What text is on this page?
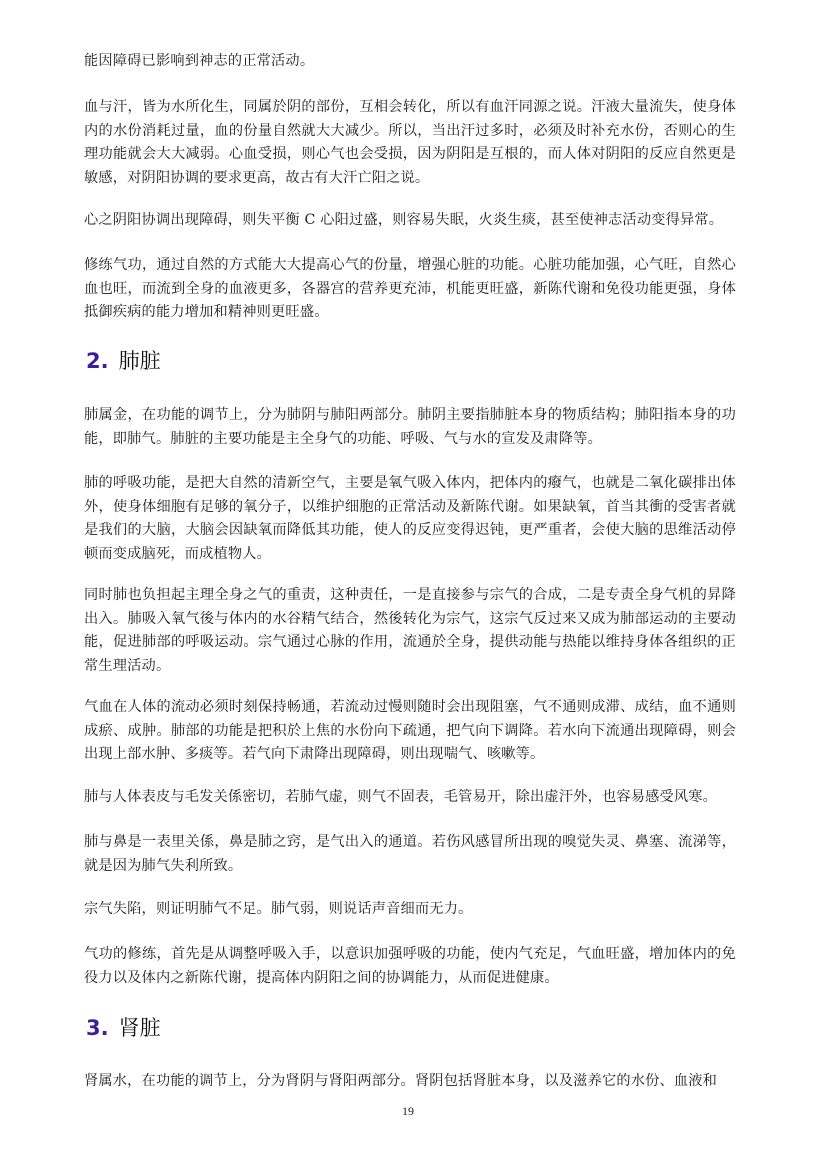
能因障碍已影响到神志的正常活动。
血与汗，皆为水所化生，同属於阴的部份，互相会转化，所以有血汗同源之说。汗液大量流失，使身体内的水份消耗过量，血的份量自然就大大减少。所以，当出汗过多时，必须及时补充水份，否则心的生理功能就会大大减弱。心血受损，则心气也会受损，因为阴阳是互根的，而人体对阴阳的反应自然更是敏感，对阴阳协调的要求更高，故古有大汗亡阳之说。
心之阴阳协调出现障碍，则失平衡 C 心阳过盛，则容易失眠，火炎生痰，甚至使神志活动变得异常。
修练气功，通过自然的方式能大大提高心气的份量，增强心脏的功能。心脏功能加强，心气旺，自然心血也旺，而流到全身的血液更多，各器宫的营养更充沛，机能更旺盛，新陈代谢和免役功能更强，身体抵御疾病的能力增加和精神则更旺盛。
2. 肺脏
肺属金，在功能的调节上，分为肺阴与肺阳两部分。肺阴主要指肺脏本身的物质结构；肺阳指本身的功能，即肺气。肺脏的主要功能是主全身气的功能、呼吸、气与水的宣发及肃降等。
肺的呼吸功能，是把大自然的清新空气，主要是氧气吸入体内，把体内的癈气，也就是二氧化碳排出体外，使身体细胞有足够的氧分子，以维护细胞的正常活动及新陈代谢。如果缺氧，首当其衝的受害者就是我们的大脑，大脑会因缺氧而降低其功能，使人的反应变得迟钝，更严重者，会使大脑的思维活动停顿而变成脑死，而成植物人。
同时肺也负担起主理全身之气的重责，这种责任，一是直接参与宗气的合成，二是专责全身气机的昇降出入。肺吸入氧气後与体内的水谷精气结合，然後转化为宗气，这宗气反过来又成为肺部运动的主要动能，促进肺部的呼吸运动。宗气通过心脉的作用，流通於全身，提供动能与热能以维持身体各组织的正常生理活动。
气血在人体的流动必须时刻保持畅通，若流动过慢则随时会出现阻塞，气不通则成滞、成结，血不通则成瘀、成肿。肺部的功能是把积於上焦的水份向下疏通，把气向下调降。若水向下流通出现障碍，则会出现上部水肿、多痰等。若气向下肃降出现障碍，则出现喘气、咳嗽等。
肺与人体表皮与毛发关係密切，若肺气虚，则气不固表，毛管易开，除出虚汗外，也容易感受风寒。
肺与鼻是一表里关係，鼻是肺之窍，是气出入的通道。若伤风感冒所出现的嗅觉失灵、鼻塞、流涕等，就是因为肺气失利所致。
宗气失陷，则证明肺气不足。肺气弱，则说话声音细而无力。
气功的修练，首先是从调整呼吸入手，以意识加强呼吸的功能，使内气充足，气血旺盛，增加体内的免役力以及体内之新陈代谢，提高体内阴阳之间的协调能力，从而促进健康。
3. 肾脏
肾属水，在功能的调节上，分为肾阴与肾阳两部分。肾阴包括肾脏本身，以及滋养它的水份、血液和
19
